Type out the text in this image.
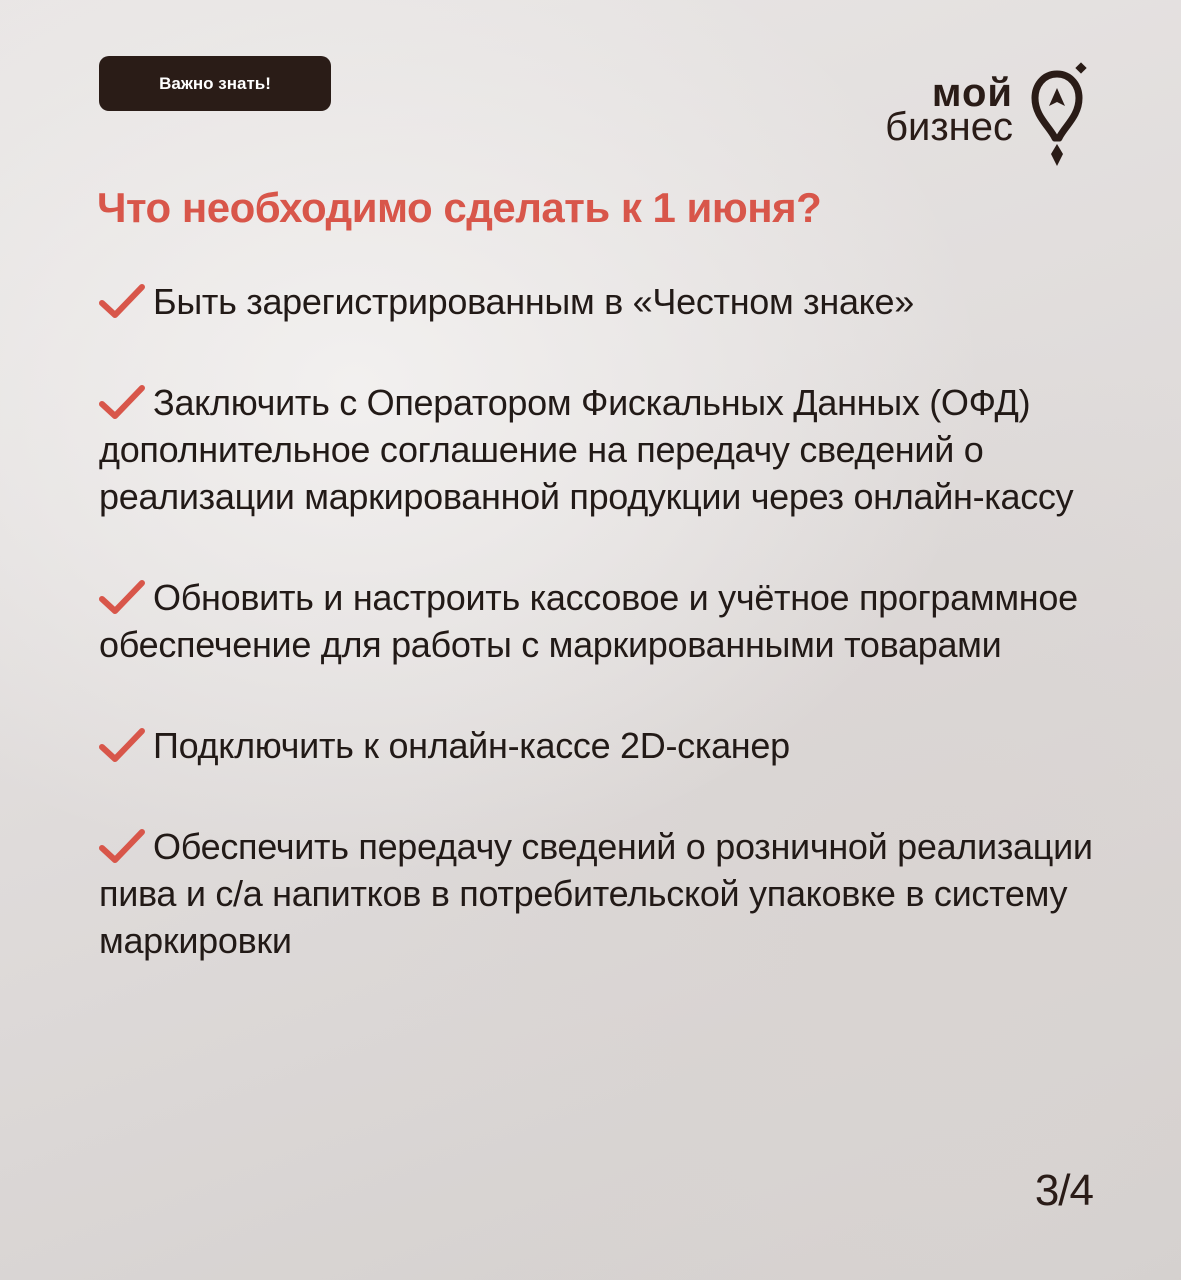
Важно знать!	мой
бизнес
Что необходимо сделать к 1 июня?
Быть зарегистрированным в «Честном знаке»
Заключить с Оператором Фискальных Данных (ОФД) дополнительное соглашение на передачу сведений о реализации маркированной продукции через онлайн-кассу
Обновить и настроить кассовое и учётное программное обеспечение для работы с маркированными товарами
Подключить к онлайн-кассе 2D-сканер
Обеспечить передачу сведений о розничной реализации пива и с/а напитков в потребительской упаковке в систему маркировки
3/4
